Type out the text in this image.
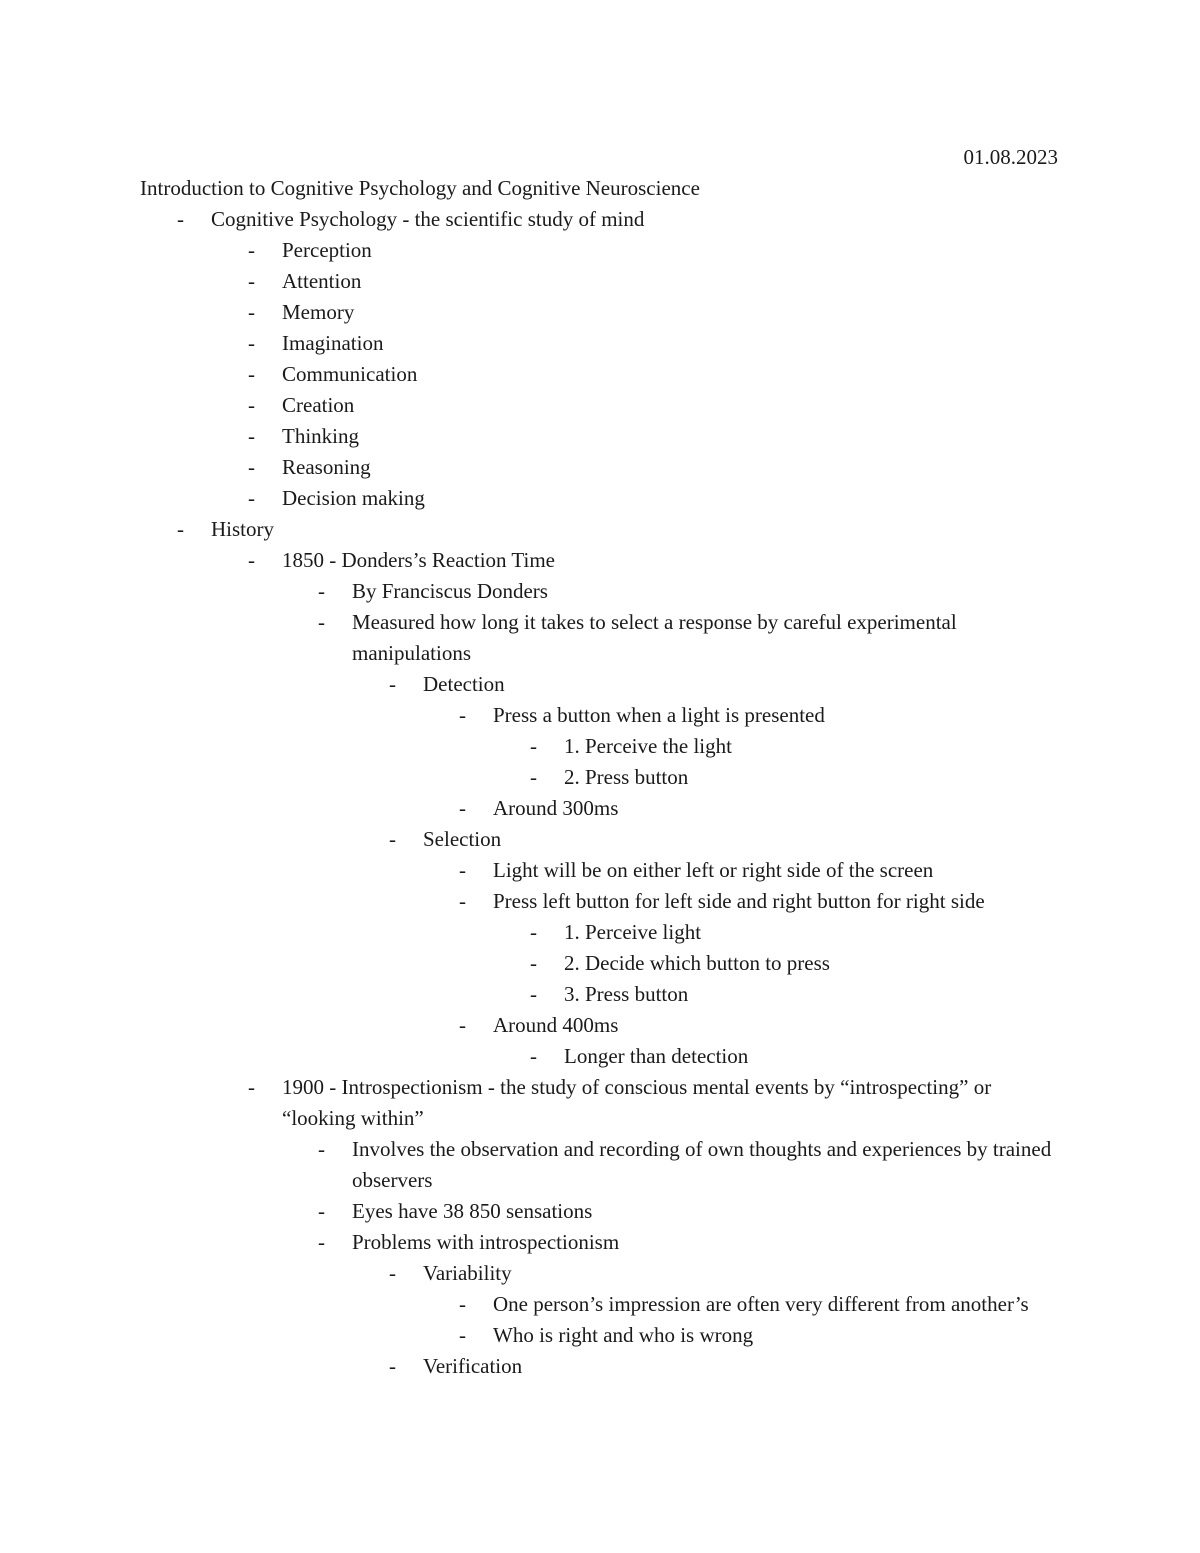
01.08.2023
Introduction to Cognitive Psychology and Cognitive Neuroscience
- Cognitive Psychology - the scientific study of mind
- Perception
- Attention
- Memory
- Imagination
- Communication
- Creation
- Thinking
- Reasoning
- Decision making
- History
- 1850 - Donders’s Reaction Time
- By Franciscus Donders
- Measured how long it takes to select a response by careful experimental manipulations
- Detection
- Press a button when a light is presented
- 1. Perceive the light
- 2. Press button
- Around 300ms
- Selection
- Light will be on either left or right side of the screen
- Press left button for left side and right button for right side
- 1. Perceive light
- 2. Decide which button to press
- 3. Press button
- Around 400ms
- Longer than detection
- 1900 - Introspectionism - the study of conscious mental events by “introspecting” or “looking within”
- Involves the observation and recording of own thoughts and experiences by trained observers
- Eyes have 38 850 sensations
- Problems with introspectionism
- Variability
- One person’s impression are often very different from another’s
- Who is right and who is wrong
- Verification
